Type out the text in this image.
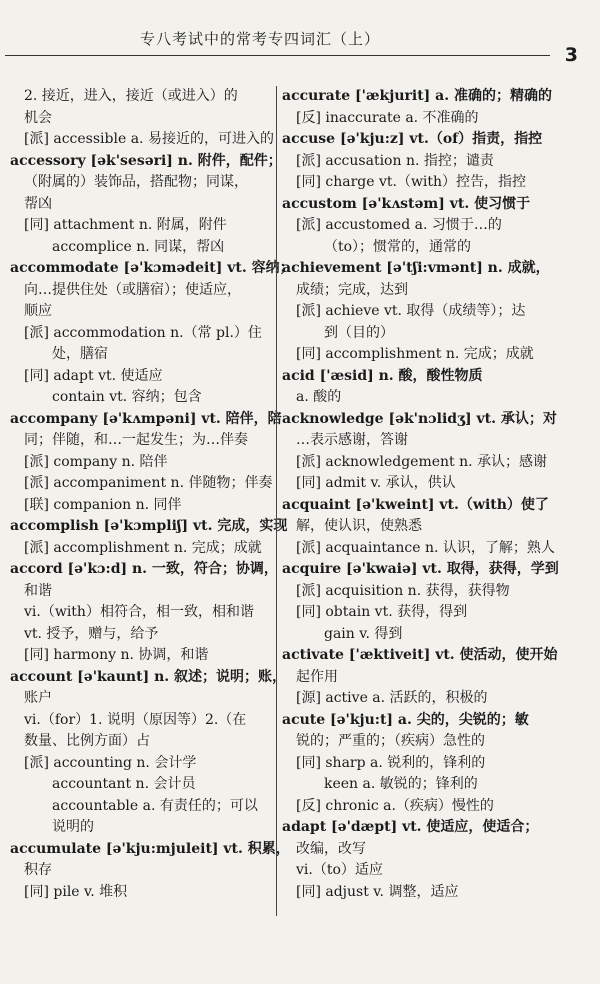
专八考试中的常考专四词汇（上）
3
2. 接近，进入，接近（或进入）的
机会
[派] accessible a. 易接近的，可进入的
accessory [ək'sesəri] n. 附件，配件；
（附属的）装饰品，搭配物；同谋，
帮凶
[同] attachment n. 附属，附件
accomplice n. 同谋，帮凶
accommodate [ə'kɔmədeit] vt. 容纳；
向…提供住处（或膳宿）；使适应，
顺应
[派] accommodation n.（常 pl.）住
处，膳宿
[同] adapt vt. 使适应
contain vt. 容纳；包含
accompany [ə'kʌmpəni] vt. 陪伴，陪
同；伴随，和…一起发生；为…伴奏
[派] company n. 陪伴
[派] accompaniment n. 伴随物；伴奏
[联] companion n. 同伴
accomplish [ə'kɔmpliʃ] vt. 完成，实现
[派] accomplishment n. 完成；成就
accord [ə'kɔ:d] n. 一致，符合；协调，
和谐
vi.（with）相符合，相一致，相和谐
vt. 授予，赠与，给予
[同] harmony n. 协调，和谐
account [ə'kaunt] n. 叙述；说明；账，
账户
vi.（for）1. 说明（原因等）2.（在
数量、比例方面）占
[派] accounting n. 会计学
accountant n. 会计员
accountable a. 有责任的；可以
说明的
accumulate [ə'kju:mjuleit] vt. 积累，
积存
[同] pile v. 堆积
accurate ['ækjurit] a. 准确的；精确的
[反] inaccurate a. 不准确的
accuse [ə'kju:z] vt.（of）指责，指控
[派] accusation n. 指控；谴责
[同] charge vt.（with）控告，指控
accustom [ə'kʌstəm] vt. 使习惯于
[派] accustomed a. 习惯于…的
（to）；惯常的，通常的
achievement [ə'tʃi:vmənt] n. 成就，
成绩；完成，达到
[派] achieve vt. 取得（成绩等）；达
到（目的）
[同] accomplishment n. 完成；成就
acid ['æsid] n. 酸，酸性物质
a. 酸的
acknowledge [ək'nɔlidʒ] vt. 承认；对
…表示感谢，答谢
[派] acknowledgement n. 承认；感谢
[同] admit v. 承认，供认
acquaint [ə'kweint] vt.（with）使了
解，使认识，使熟悉
[派] acquaintance n. 认识，了解；熟人
acquire [ə'kwaiə] vt. 取得，获得，学到
[派] acquisition n. 获得，获得物
[同] obtain vt. 获得，得到
gain v. 得到
activate ['æktiveit] vt. 使活动，使开始
起作用
[源] active a. 活跃的，积极的
acute [ə'kju:t] a. 尖的，尖锐的；敏
锐的；严重的；（疾病）急性的
[同] sharp a. 锐利的，锋利的
keen a. 敏锐的；锋利的
[反] chronic a.（疾病）慢性的
adapt [ə'dæpt] vt. 使适应，使适合；
改编，改写
vi.（to）适应
[同] adjust v. 调整，适应
